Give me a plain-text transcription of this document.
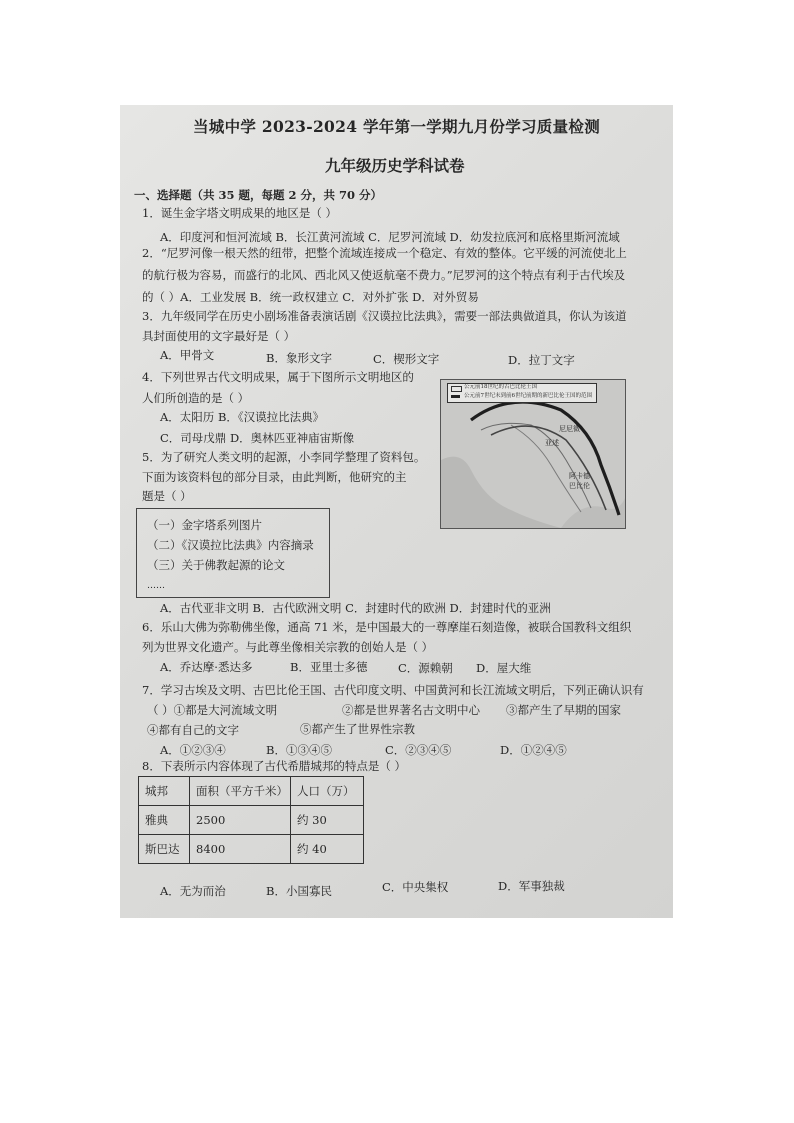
当城中学 2023-2024 学年第一学期九月份学习质量检测
九年级历史学科试卷
一、选择题（共 35 题，每题 2 分，共 70 分）
1．诞生金字塔文明成果的地区是（ ）
A．印度河和恒河流域 B．长江黄河流域 C．尼罗河流域 D．幼发拉底河和底格里斯河流域
2．“尼罗河像一根天然的纽带，把整个流域连接成一个稳定、有效的整体。它平缓的河流使北上
的航行极为容易，而盛行的北风、西北风又使返航毫不费力。”尼罗河的这个特点有利于古代埃及
的（ ）A．工业发展 B．统一政权建立 C．对外扩张 D．对外贸易
3．九年级同学在历史小剧场准备表演话剧《汉谟拉比法典》，需要一部法典做道具，你认为该道
具封面使用的文字最好是（ ）
A．甲骨文	B．象形文字	C．楔形文字	D．拉丁文字
4．下列世界古代文明成果，属于下图所示文明地区的
人们所创造的是（ ）
A．太阳历 B．《汉谟拉比法典》
C．司母戊鼎 D．奥林匹亚神庙宙斯像
公元前18世纪的古巴比伦王国
公元前7世纪末到前6世纪前期的新巴比伦王国的范围
尼尼微
亚述
阿卡德
巴比伦
5．为了研究人类文明的起源，小李同学整理了资料包。
下面为该资料包的部分目录，由此判断，他研究的主
题是（ ）
（一）金字塔系列图片
（二）《汉谟拉比法典》内容摘录
（三）关于佛教起源的论文
……
A．古代亚非文明 B．古代欧洲文明 C．封建时代的欧洲 D．封建时代的亚洲
6．乐山大佛为弥勒佛坐像，通高 71 米，是中国最大的一尊摩崖石刻造像，被联合国教科文组织
列为世界文化遗产。与此尊坐像相关宗教的创始人是（ ）
A．乔达摩·悉达多	B．亚里士多德	C．源赖朝 D．屋大维
7．学习古埃及文明、古巴比伦王国、古代印度文明、中国黄河和长江流域文明后，下列正确认识有
（ ）①都是大河流域文明	②都是世界著名古文明中心 ③都产生了早期的国家
④都有自己的文字	⑤都产生了世界性宗教
A．①②③④	B．①③④⑤	C．②③④⑤	D．①②④⑤
8．下表所示内容体现了古代希腊城邦的特点是（ ）
城邦	面积（平方千米）	人口（万）
雅典	2500	约 30
斯巴达	8400	约 40
A．无为而治	B．小国寡民	C．中央集权	D．军事独裁
